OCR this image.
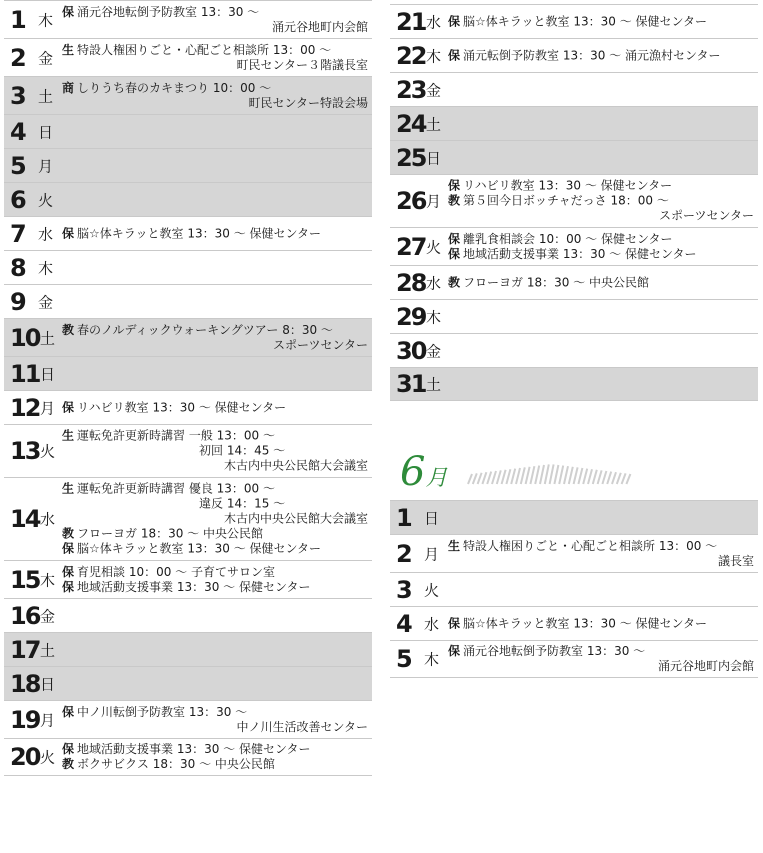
1 木 保 涌元谷地転倒予防教室 13：30 ～
涌元谷地町内会館
2 金 生 特設人権困りごと・心配ごと相談所 13：00 ～
町民センター３階議長室
3 土 商 しりうち春のカキまつり 10：00 ～
町民センター特設会場
4 日
5 月
6 火
7 水 保 脳☆体キラッと教室 13：30 ～ 保健センター
8 木
9 金
10 土 教 春のノルディックウォーキングツアー 8：30 ～
スポーツセンター
11 日
12 月 保 リハビリ教室 13：30 ～ 保健センター
13 火
生 運転免許更新時講習 一般 13：00 ～
初回 14：45 ～
木古内中央公民館大会議室
14 水
生 運転免許更新時講習 優良 13：00 ～
違反 14：15 ～
木古内中央公民館大会議室
教 フローヨガ 18：30 ～ 中央公民館
保 脳☆体キラッと教室 13：30 ～ 保健センター
15 木 保 育児相談 10：00 ～ 子育てサロン室
保 地域活動支援事業 13：30 ～ 保健センター
16 金
17 土
18 日
19 月 保 中ノ川転倒予防教室 13：30 ～
中ノ川生活改善センター
20 火 保 地域活動支援事業 13：30 ～ 保健センター
教 ボクサビクス 18：30 ～ 中央公民館
6月
21 水 保 脳☆体キラッと教室 13：30 ～ 保健センター
22 木 保 涌元転倒予防教室 13：30 ～ 涌元漁村センター
23 金
24 土
25 日
26 月
保 リハビリ教室 13：30 ～ 保健センター
教 第５回今日ボッチャだっさ 18：00 ～
スポーツセンター
27 火 保 離乳食相談会 10：00 ～ 保健センター
保 地域活動支援事業 13：30 ～ 保健センター
28 水 教 フローヨガ 18：30 ～ 中央公民館
29 木
30 金
31 土
1 日
2 月 生 特設人権困りごと・心配ごと相談所 13：00 ～
議長室
3 火
4 水 保 脳☆体キラッと教室 13：30 ～ 保健センター
5 木 保 涌元谷地転倒予防教室 13：30 ～
涌元谷地町内会館
